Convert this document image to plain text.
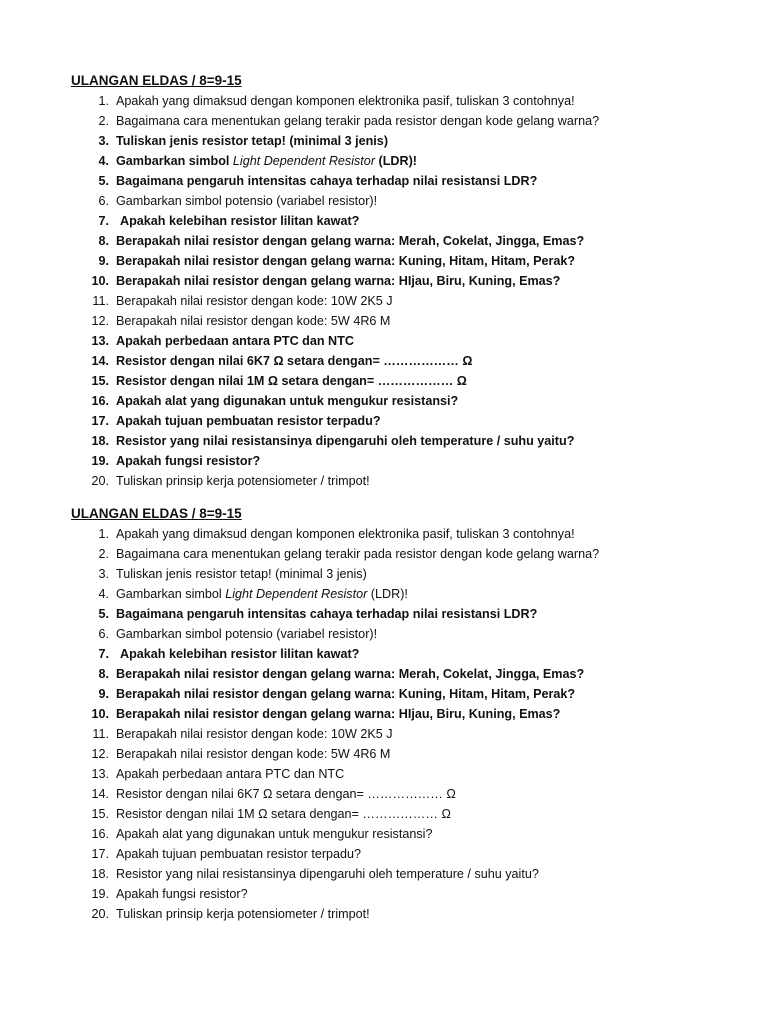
ULANGAN ELDAS / 8=9-15
1. Apakah yang dimaksud dengan komponen elektronika pasif, tuliskan 3 contohnya!
2. Bagaimana cara menentukan gelang terakir pada resistor dengan kode gelang warna?
3. Tuliskan jenis resistor tetap! (minimal 3 jenis)
4. Gambarkan simbol Light Dependent Resistor (LDR)!
5. Bagaimana pengaruh intensitas cahaya terhadap nilai resistansi LDR?
6. Gambarkan simbol potensio (variabel resistor)!
7. Apakah kelebihan resistor lilitan kawat?
8. Berapakah nilai resistor dengan gelang warna: Merah, Cokelat, Jingga, Emas?
9. Berapakah nilai resistor dengan gelang warna: Kuning, Hitam, Hitam, Perak?
10. Berapakah nilai resistor dengan gelang warna: HIjau, Biru, Kuning, Emas?
11. Berapakah nilai resistor dengan kode: 10W 2K5 J
12. Berapakah nilai resistor dengan kode: 5W 4R6 M
13. Apakah perbedaan antara PTC dan NTC
14. Resistor dengan nilai 6K7 Ω setara dengan= ……………… Ω
15. Resistor dengan nilai 1M Ω setara dengan= ……………… Ω
16. Apakah alat yang digunakan untuk mengukur resistansi?
17. Apakah tujuan pembuatan resistor terpadu?
18. Resistor yang nilai resistansinya dipengaruhi oleh temperature / suhu yaitu?
19. Apakah fungsi resistor?
20. Tuliskan prinsip kerja potensiometer / trimpot!
ULANGAN ELDAS / 8=9-15
1. Apakah yang dimaksud dengan komponen elektronika pasif, tuliskan 3 contohnya!
2. Bagaimana cara menentukan gelang terakir pada resistor dengan kode gelang warna?
3. Tuliskan jenis resistor tetap! (minimal 3 jenis)
4. Gambarkan simbol Light Dependent Resistor (LDR)!
5. Bagaimana pengaruh intensitas cahaya terhadap nilai resistansi LDR?
6. Gambarkan simbol potensio (variabel resistor)!
7. Apakah kelebihan resistor lilitan kawat?
8. Berapakah nilai resistor dengan gelang warna: Merah, Cokelat, Jingga, Emas?
9. Berapakah nilai resistor dengan gelang warna: Kuning, Hitam, Hitam, Perak?
10. Berapakah nilai resistor dengan gelang warna: HIjau, Biru, Kuning, Emas?
11. Berapakah nilai resistor dengan kode: 10W 2K5 J
12. Berapakah nilai resistor dengan kode: 5W 4R6 M
13. Apakah perbedaan antara PTC dan NTC
14. Resistor dengan nilai 6K7 Ω setara dengan= ……………… Ω
15. Resistor dengan nilai 1M Ω setara dengan= ……………… Ω
16. Apakah alat yang digunakan untuk mengukur resistansi?
17. Apakah tujuan pembuatan resistor terpadu?
18. Resistor yang nilai resistansinya dipengaruhi oleh temperature / suhu yaitu?
19. Apakah fungsi resistor?
20. Tuliskan prinsip kerja potensiometer / trimpot!
